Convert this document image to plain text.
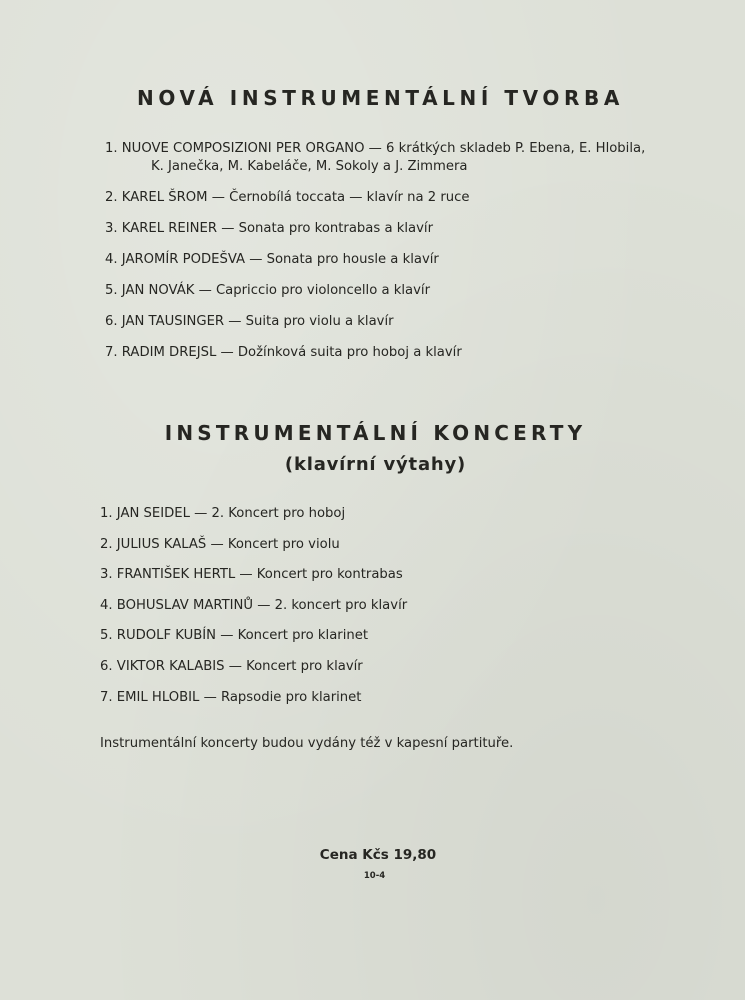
NOVÁ INSTRUMENTÁLNÍ TVORBA
1. NUOVE COMPOSIZIONI PER ORGANO — 6 krátkých skladeb P. Ebena, E. Hlobila,
K. Janečka, M. Kabeláče, M. Sokoly a J. Zimmera
2. KAREL ŠROM — Černobílá toccata — klavír na 2 ruce
3. KAREL REINER — Sonata pro kontrabas a klavír
4. JAROMÍR PODEŠVA — Sonata pro housle a klavír
5. JAN NOVÁK — Capriccio pro violoncello a klavír
6. JAN TAUSINGER — Suita pro violu a klavír
7. RADIM DREJSL — Dožínková suita pro hoboj a klavír
INSTRUMENTÁLNÍ KONCERTY
(klavírní výtahy)
1. JAN SEIDEL — 2. Koncert pro hoboj
2. JULIUS KALAŠ — Koncert pro violu
3. FRANTIŠEK HERTL — Koncert pro kontrabas
4. BOHUSLAV MARTINŮ — 2. koncert pro klavír
5. RUDOLF KUBÍN — Koncert pro klarinet
6. VIKTOR KALABIS — Koncert pro klavír
7. EMIL HLOBIL — Rapsodie pro klarinet

Instrumentální koncerty budou vydány též v kapesní partituře.

Cena Kčs 19,80

10-4
